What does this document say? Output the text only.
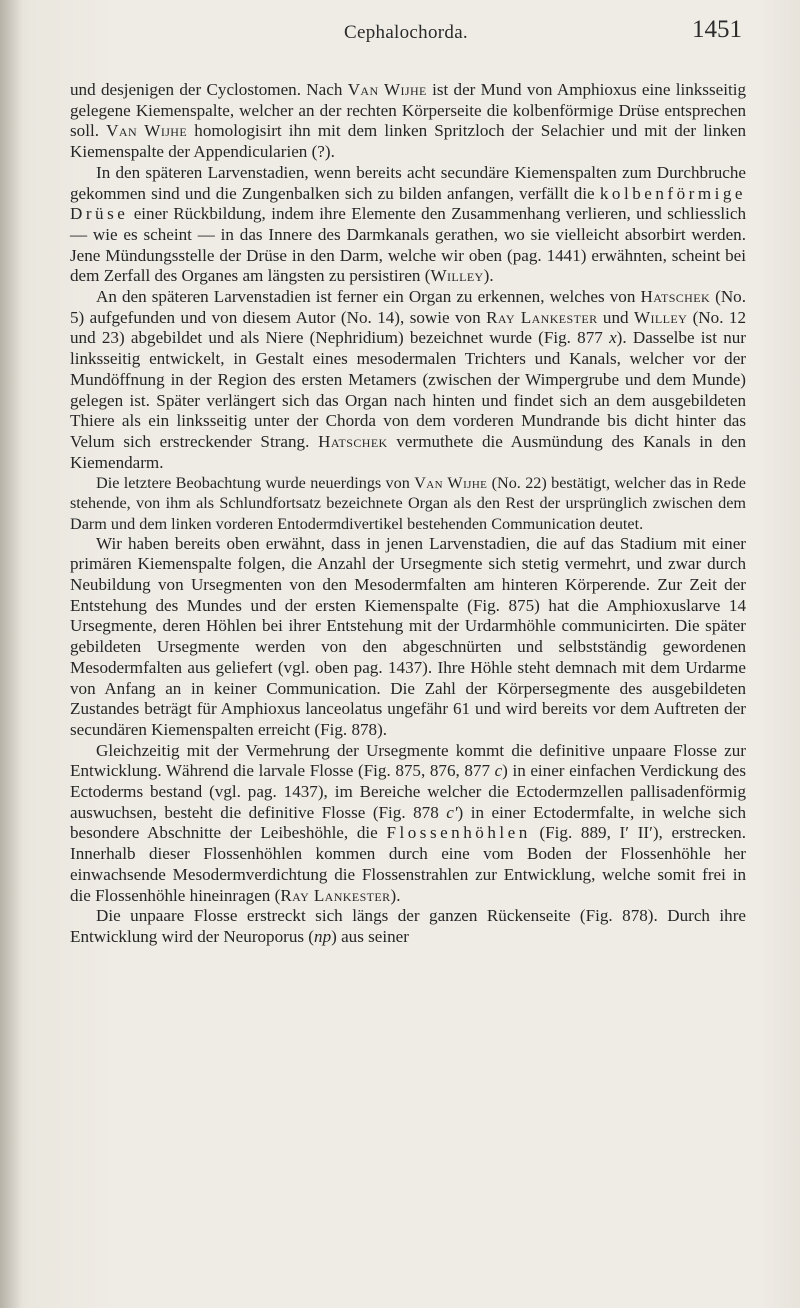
Cephalochorda.	1451

und desjenigen der Cyclostomen. Nach Van Wijhe ist der Mund von Amphioxus eine linksseitig gelegene Kiemenspalte, welcher an der rechten Körperseite die kolbenförmige Drüse entsprechen soll. Van Wijhe homologisirt ihn mit dem linken Spritzloch der Selachier und mit der linken Kiemenspalte der Appendicularien (?).

In den späteren Larvenstadien, wenn bereits acht secundäre Kiemenspalten zum Durchbruche gekommen sind und die Zungenbalken sich zu bilden anfangen, verfällt die kolbenförmige Drüse einer Rückbildung, indem ihre Elemente den Zusammenhang verlieren, und schliesslich — wie es scheint — in das Innere des Darmkanals gerathen, wo sie vielleicht absorbirt werden. Jene Mündungsstelle der Drüse in den Darm, welche wir oben (pag. 1441) erwähnten, scheint bei dem Zerfall des Organes am längsten zu persistiren (Willey).

An den späteren Larvenstadien ist ferner ein Organ zu erkennen, welches von Hatschek (No. 5) aufgefunden und von diesem Autor (No. 14), sowie von Ray Lankester und Willey (No. 12 und 23) abgebildet und als Niere (Nephridium) bezeichnet wurde (Fig. 877 x). Dasselbe ist nur linksseitig entwickelt, in Gestalt eines mesodermalen Trichters und Kanals, welcher vor der Mundöffnung in der Region des ersten Metamers (zwischen der Wimpergrube und dem Munde) gelegen ist. Später verlängert sich das Organ nach hinten und findet sich an dem ausgebildeten Thiere als ein linksseitig unter der Chorda von dem vorderen Mundrande bis dicht hinter das Velum sich erstreckender Strang. Hatschek vermuthete die Ausmündung des Kanals in den Kiemendarm.

Die letztere Beobachtung wurde neuerdings von Van Wijhe (No. 22) bestätigt, welcher das in Rede stehende, von ihm als Schlundfortsatz bezeichnete Organ als den Rest der ursprünglich zwischen dem Darm und dem linken vorderen Entodermdivertikel bestehenden Communication deutet.

Wir haben bereits oben erwähnt, dass in jenen Larvenstadien, die auf das Stadium mit einer primären Kiemenspalte folgen, die Anzahl der Ursegmente sich stetig vermehrt, und zwar durch Neubildung von Ursegmenten von den Mesodermfalten am hinteren Körperende. Zur Zeit der Entstehung des Mundes und der ersten Kiemenspalte (Fig. 875) hat die Amphioxuslarve 14 Ursegmente, deren Höhlen bei ihrer Entstehung mit der Urdarmhöhle communicirten. Die später gebildeten Ursegmente werden von den abgeschnürten und selbstständig gewordenen Mesodermfalten aus geliefert (vgl. oben pag. 1437). Ihre Höhle steht demnach mit dem Urdarme von Anfang an in keiner Communication. Die Zahl der Körpersegmente des ausgebildeten Zustandes beträgt für Amphioxus lanceolatus ungefähr 61 und wird bereits vor dem Auftreten der secundären Kiemenspalten erreicht (Fig. 878).

Gleichzeitig mit der Vermehrung der Ursegmente kommt die definitive unpaare Flosse zur Entwicklung. Während die larvale Flosse (Fig. 875, 876, 877 c) in einer einfachen Verdickung des Ectoderms bestand (vgl. pag. 1437), im Bereiche welcher die Ectodermzellen pallisadenförmig auswuchsen, besteht die definitive Flosse (Fig. 878 c') in einer Ectodermfalte, in welche sich besondere Abschnitte der Leibeshöhle, die Flossenhöhlen (Fig. 889, I′ II′), erstrecken. Innerhalb dieser Flossenhöhlen kommen durch eine vom Boden der Flossenhöhle her einwachsende Mesodermverdichtung die Flossenstrahlen zur Entwicklung, welche somit frei in die Flossenhöhle hineinragen (Ray Lankester).

Die unpaare Flosse erstreckt sich längs der ganzen Rückenseite (Fig. 878). Durch ihre Entwicklung wird der Neuroporus (np) aus seiner
